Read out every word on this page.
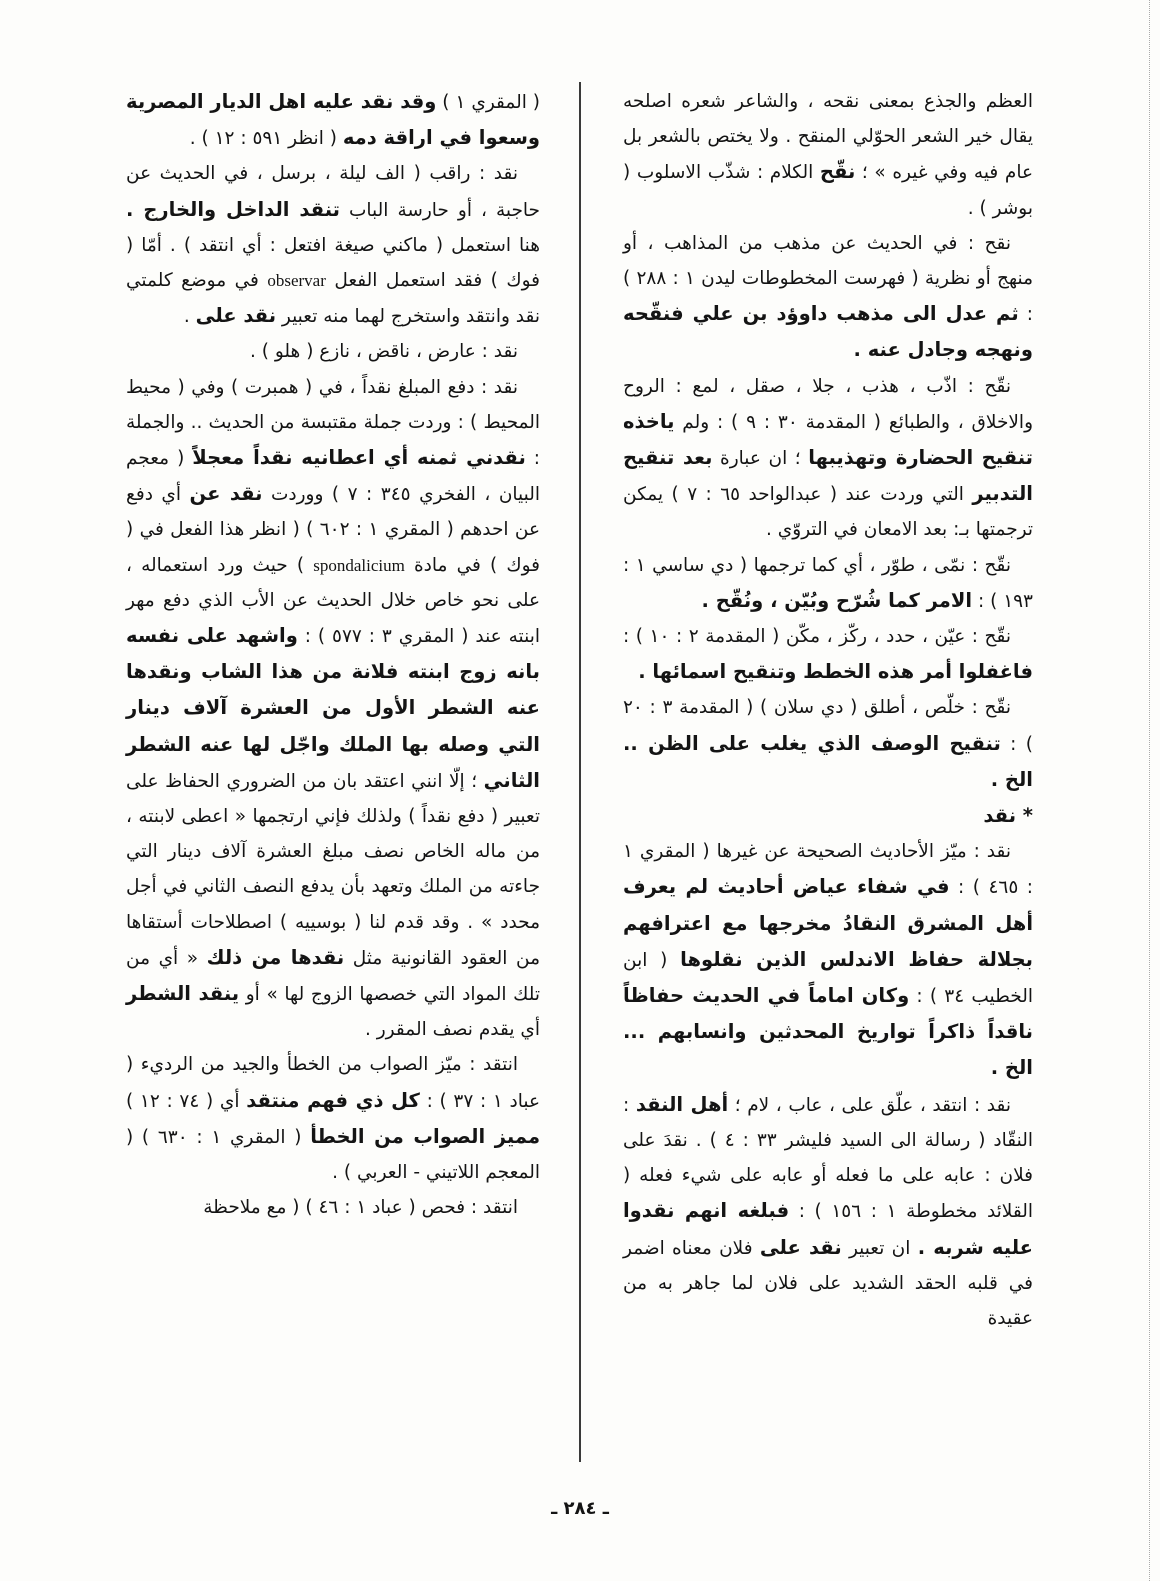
العظم والجذع بمعنى نقحه ، والشاعر شعره اصلحه يقال خير الشعر الحوّلي المنقح . ولا يختص بالشعر بل عام فيه وفي غيره » ؛ نقّح الكلام : شذّب الاسلوب ( بوشر ) .

نقح : في الحديث عن مذهب من المذاهب ، أو منهج أو نظرية ( فهرست المخطوطات ليدن ١ : ٢٨٨ ) : ثم عدل الى مذهب داوؤد بن علي فنقّحه ونهجه وجادل عنه .

نقّح : اذّب ، هذب ، جلا ، صقل ، لمع : الروح والاخلاق ، والطبائع ( المقدمة ٣٠ : ٩ ) : ولم ياخذه تنقيح الحضارة وتهذيبها ؛ ان عبارة بعد تنقيح التدبير التي وردت عند ( عبدالواحد ٦٥ : ٧ ) يمكن ترجمتها بـ: بعد الامعان في التروّي .

نقّح : نمّى ، طوّر ، أي كما ترجمها ( دي ساسي ١ : ١٩٣ ) : الامر كما شُرّح وبُيّن ، ونُقّح .

نقّح : عيّن ، حدد ، ركّز ، مكّن ( المقدمة ٢ : ١٠ ) : فاغفلوا أمر هذه الخطط وتنقيح اسمائها .

نقّح : خلّص ، أطلق ( دي سلان ) ( المقدمة ٣ : ٢٠ ) : تنقيح الوصف الذي يغلب على الظن .. الخ .

* نقد

نقد : ميّز الأحاديث الصحيحة عن غيرها ( المقري ١ : ٤٦٥ ) : في شفاء عياض أحاديث لم يعرف أهل المشرق النقادُ مخرجها مع اعترافهم بجلالة حفاظ الاندلس الذين نقلوها ( ابن الخطيب ٣٤ ) : وكان اماماً في الحديث حفاظاً ناقداً ذاكراً تواريخ المحدثين وانسابهم ... الخ .

نقد : انتقد ، علّق على ، عاب ، لام ؛ أهل النقد : النقّاد ( رسالة الى السيد فليشر ٣٣ : ٤ ) . نقدَ على فلان : عابه على ما فعله أو عابه على شيء فعله ( القلائد مخطوطة ١ : ١٥٦ ) : فبلغه انهم نقدوا عليه شربه . ان تعبير نقد على فلان معناه اضمر في قلبه الحقد الشديد على فلان لما جاهر به من عقيدة

( المقري ١ ) وقد نقد عليه اهل الديار المصرية وسعوا في اراقة دمه ( انظر ٥٩١ : ١٢ ) .

نقد : راقب ( الف ليلة ، برسل ، في الحديث عن حاجبة ، أو حارسة الباب تنقد الداخل والخارج . هنا استعمل ( ماكني صيغة افتعل : أي انتقد ) . أمّا ( فوك ) فقد استعمل الفعل observar في موضع كلمتي نقد وانتقد واستخرج لهما منه تعبير نقد على .

نقد : عارض ، ناقض ، نازع ( هلو ) .

نقد : دفع المبلغ نقداً ، في ( همبرت ) وفي ( محيط المحيط ) : وردت جملة مقتبسة من الحديث .. والجملة : نقدني ثمنه أي اعطانيه نقداً معجلاً ( معجم البيان ، الفخري ٣٤٥ : ٧ ) ووردت نقد عن أي دفع عن احدهم ( المقري ١ : ٦٠٢ ) ( انظر هذا الفعل في ( فوك ) في مادة spondalicium ) حيث ورد استعماله ، على نحو خاص خلال الحديث عن الأب الذي دفع مهر ابنته عند ( المقري ٣ : ٥٧٧ ) : واشهد على نفسه بانه زوج ابنته فلانة من هذا الشاب ونقدها عنه الشطر الأول من العشرة آلاف دينار التي وصله بها الملك واجّل لها عنه الشطر الثاني ؛ إلّا انني اعتقد بان من الضروري الحفاظ على تعبير ( دفع نقداً ) ولذلك فإني ارتجمها « اعطى لابنته ، من ماله الخاص نصف مبلغ العشرة آلاف دينار التي جاءته من الملك وتعهد بأن يدفع النصف الثاني في أجل محدد » . وقد قدم لنا ( بوسييه ) اصطلاحات أستقاها من العقود القانونية مثل نقدها من ذلك « أي من تلك المواد التي خصصها الزوج لها » أو ينقد الشطر أي يقدم نصف المقرر .

انتقد : ميّز الصواب من الخطأ والجيد من الرديء ( عباد ١ : ٣٧ ) : كل ذي فهم منتقد أي ( ٧٤ : ١٢ ) مميز الصواب من الخطأ ( المقري ١ : ٦٣٠ ) ( المعجم اللاتيني - العربي ) .

انتقد : فحص ( عباد ١ : ٤٦ ) ( مع ملاحظة

ـ ٢٨٤ ـ
